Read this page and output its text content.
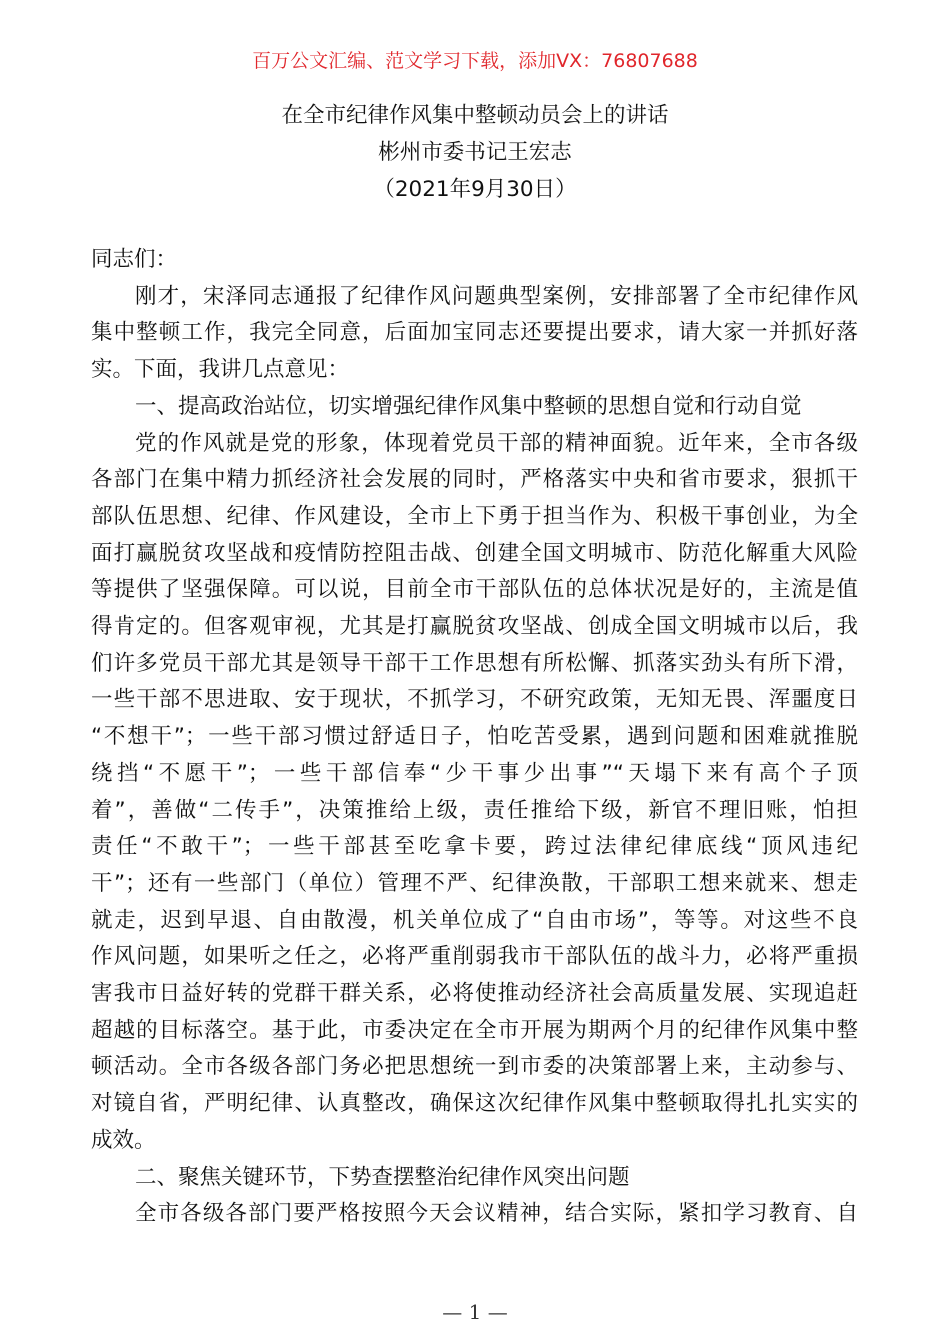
百万公文汇编、范文学习下载，添加VX：76807688
在全市纪律作风集中整顿动员会上的讲话
彬州市委书记王宏志
（2021年9月30日）
同志们：
刚才，宋泽同志通报了纪律作风问题典型案例，安排部署了全市纪律作风
集中整顿工作，我完全同意，后面加宝同志还要提出要求，请大家一并抓好落
实。下面，我讲几点意见：
一、提高政治站位，切实增强纪律作风集中整顿的思想自觉和行动自觉
党的作风就是党的形象，体现着党员干部的精神面貌。近年来，全市各级
各部门在集中精力抓经济社会发展的同时，严格落实中央和省市要求，狠抓干
部队伍思想、纪律、作风建设，全市上下勇于担当作为、积极干事创业，为全
面打赢脱贫攻坚战和疫情防控阻击战、创建全国文明城市、防范化解重大风险
等提供了坚强保障。可以说，目前全市干部队伍的总体状况是好的，主流是值
得肯定的。但客观审视，尤其是打赢脱贫攻坚战、创成全国文明城市以后，我
们许多党员干部尤其是领导干部干工作思想有所松懈、抓落实劲头有所下滑，
一些干部不思进取、安于现状，不抓学习，不研究政策，无知无畏、浑噩度日
“不想干”；一些干部习惯过舒适日子，怕吃苦受累，遇到问题和困难就推脱
绕挡“不愿干”；一些干部信奉“少干事少出事”“天塌下来有高个子顶
着”，善做“二传手”，决策推给上级，责任推给下级，新官不理旧账，怕担
责任“不敢干”；一些干部甚至吃拿卡要，跨过法律纪律底线“顶风违纪
干”；还有一些部门（单位）管理不严、纪律涣散，干部职工想来就来、想走
就走，迟到早退、自由散漫，机关单位成了“自由市场”，等等。对这些不良
作风问题，如果听之任之，必将严重削弱我市干部队伍的战斗力，必将严重损
害我市日益好转的党群干群关系，必将使推动经济社会高质量发展、实现追赶
超越的目标落空。基于此，市委决定在全市开展为期两个月的纪律作风集中整
顿活动。全市各级各部门务必把思想统一到市委的决策部署上来，主动参与、
对镜自省，严明纪律、认真整改，确保这次纪律作风集中整顿取得扎扎实实的
成效。
二、聚焦关键环节，下势查摆整治纪律作风突出问题
全市各级各部门要严格按照今天会议精神，结合实际，紧扣学习教育、自
— 1 —
